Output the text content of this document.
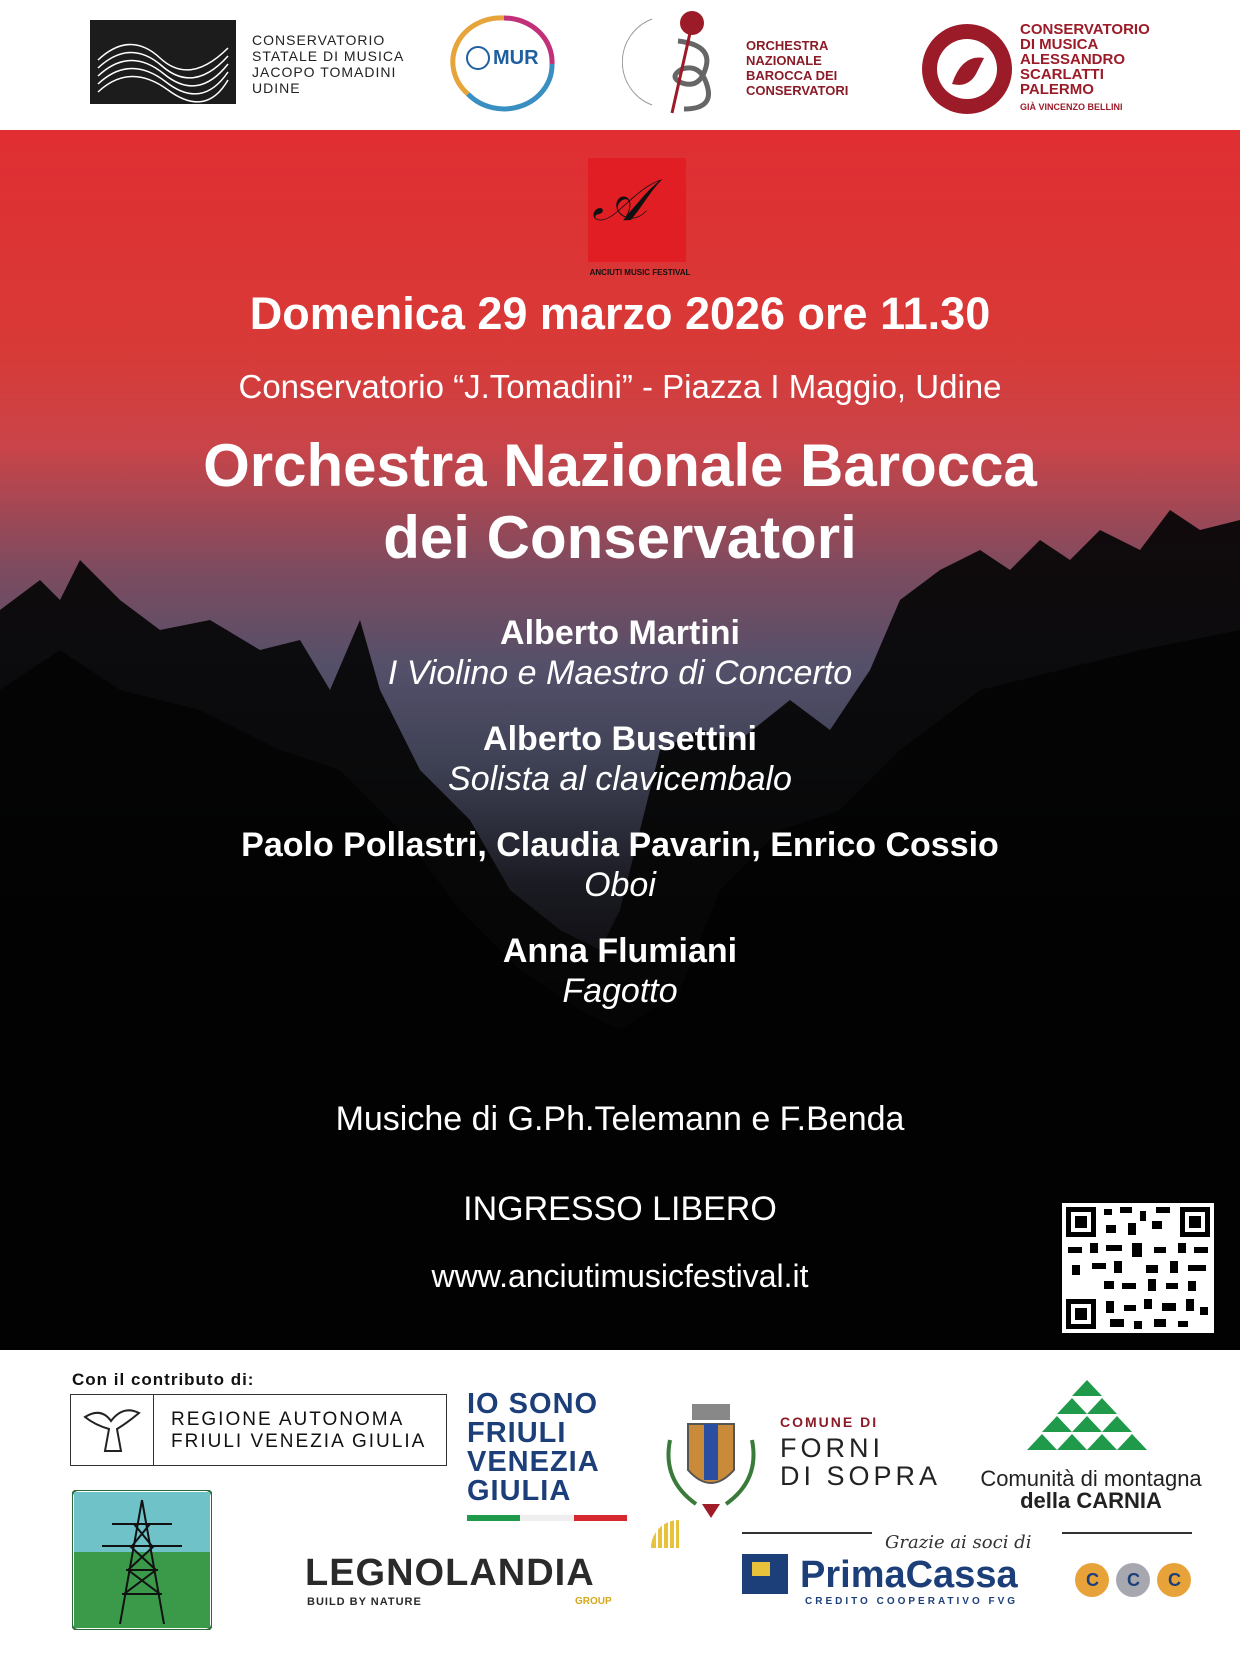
CONSERVATORIO
STATALE DI MUSICA
JACOPO TOMADINI
UDINE
MUR
ORCHESTRA
NAZIONALE
BAROCCA DEI
CONSERVATORI
CONSERVATORIO
DI MUSICA
ALESSANDRO
SCARLATTI
PALERMO
GIÀ VINCENZO BELLINI
𝒜
ANCIUTI MUSIC FESTIVAL
Domenica 29 marzo 2026 ore 11.30
Conservatorio “J.Tomadini” - Piazza I Maggio, Udine
Orchestra Nazionale Barocca
dei Conservatori
Alberto Martini
I Violino e Maestro di Concerto
Alberto Busettini
Solista al clavicembalo
Paolo Pollastri, Claudia Pavarin, Enrico Cossio
Oboi
Anna Flumiani
Fagotto
Musiche di G.Ph.Telemann e F.Benda
INGRESSO LIBERO
www.anciutimusicfestival.it
Con il contributo di:
REGIONE AUTONOMA
FRIULI VENEZIA GIULIA
IO SONO
FRIULI
VENEZIA
GIULIA
COMUNE DI
FORNI
DI SOPRA Comunità di montagna
della CARNIA
LEGNOLANDIA
BUILD BY NATURE	GROUP
Grazie ai soci di
PrimaCassa
CREDITO COOPERATIVO FVG
C C C
